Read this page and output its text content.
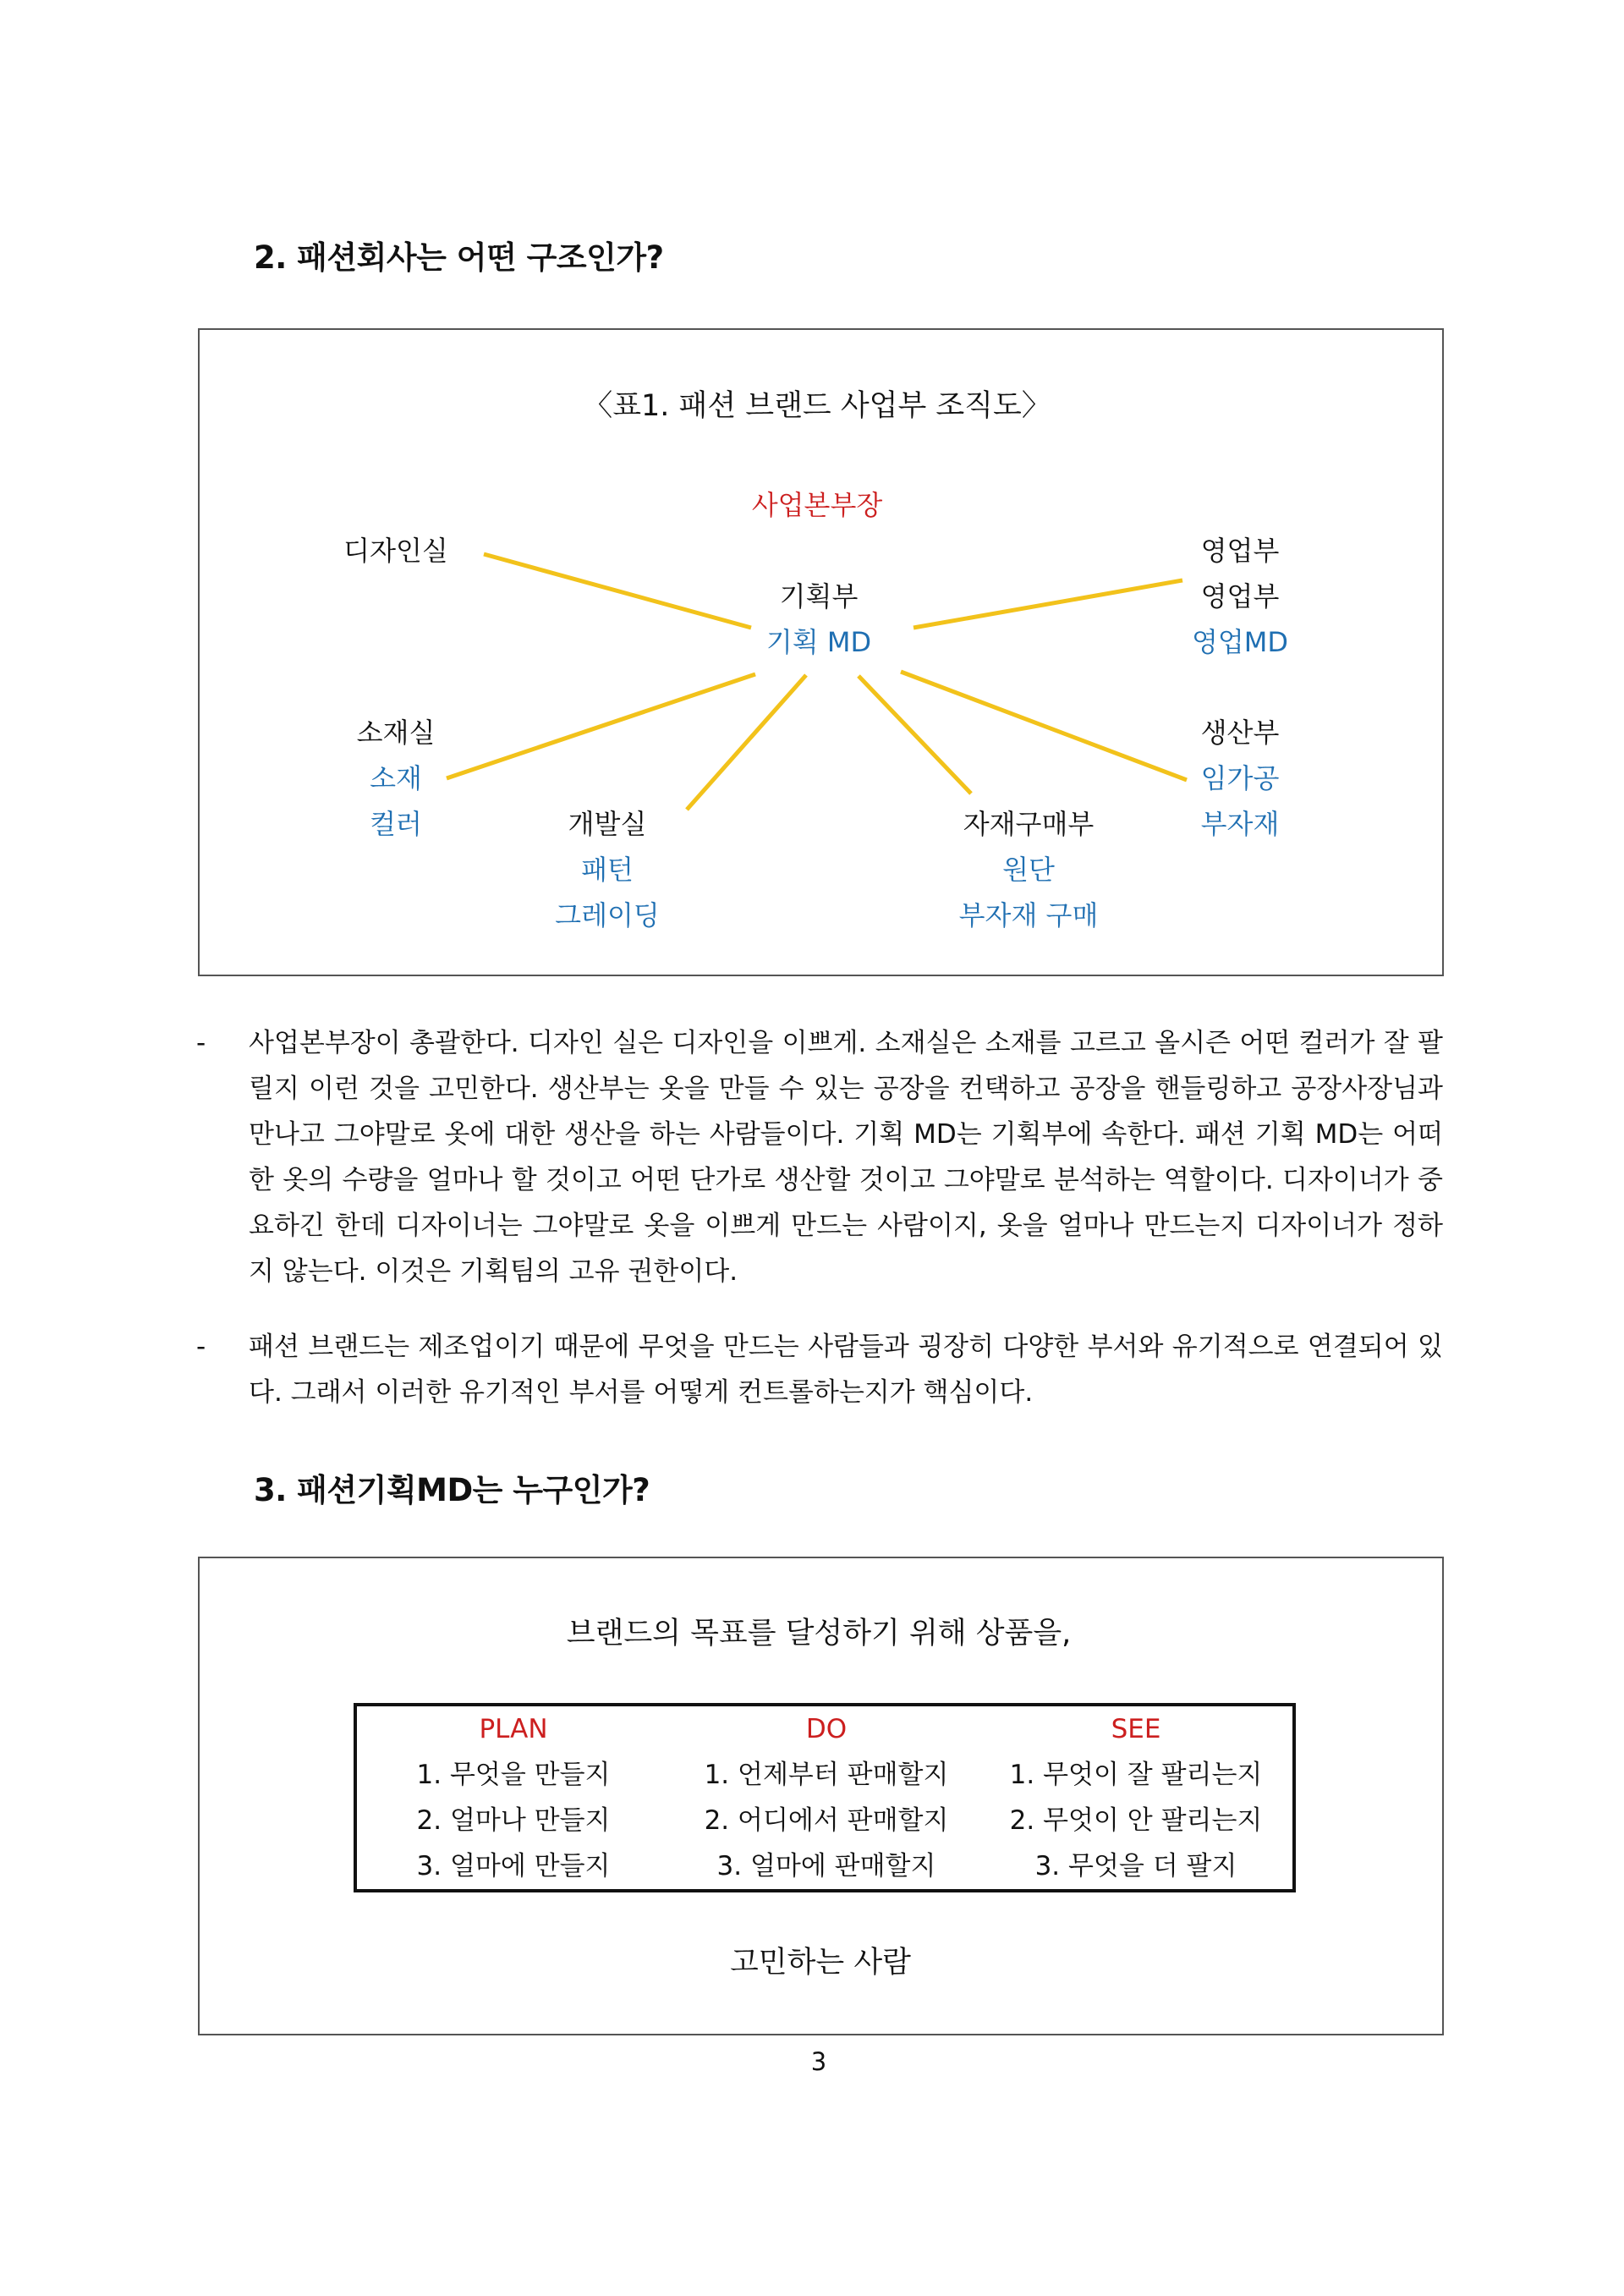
2. 패션회사는 어떤 구조인가?
〈표1. 패션 브랜드 사업부 조직도〉
사업본부장
기획부
기획 MD
디자인실	영업부
영업부
영업MD
소재실
소재
컬러	개발실
패턴
그레이딩
자재구매부
원단
부자재 구매
생산부
임가공
부자재
- 사업본부장이 총괄한다. 디자인 실은 디자인을 이쁘게. 소재실은 소재를 고르고 올시즌 어떤 컬러가 잘 팔릴지 이런 것을 고민한다. 생산부는 옷을 만들 수 있는 공장을 컨택하고 공장을 핸들링하고 공장사장님과 만나고 그야말로 옷에 대한 생산을 하는 사람들이다. 기획 MD는 기획부에 속한다. 패션 기획 MD는 어떠한 옷의 수량을 얼마나 할 것이고 어떤 단가로 생산할 것이고 그야말로 분석하는 역할이다. 디자이너가 중요하긴 한데 디자이너는 그야말로 옷을 이쁘게 만드는 사람이지, 옷을 얼마나 만드는지 디자이너가 정하지 않는다. 이것은 기획팀의 고유 권한이다.
- 패션 브랜드는 제조업이기 때문에 무엇을 만드는 사람들과 굉장히 다양한 부서와 유기적으로 연결되어 있다. 그래서 이러한 유기적인 부서를 어떻게 컨트롤하는지가 핵심이다.
3. 패션기획MD는 누구인가?
브랜드의 목표를 달성하기 위해 상품을,
PLAN
1. 무엇을 만들지
2. 얼마나 만들지
3. 얼마에 만들지
DO
1. 언제부터 판매할지
2. 어디에서 판매할지
3. 얼마에 판매할지
SEE
1. 무엇이 잘 팔리는지
2. 무엇이 안 팔리는지
3. 무엇을 더 팔지
고민하는 사람
3
